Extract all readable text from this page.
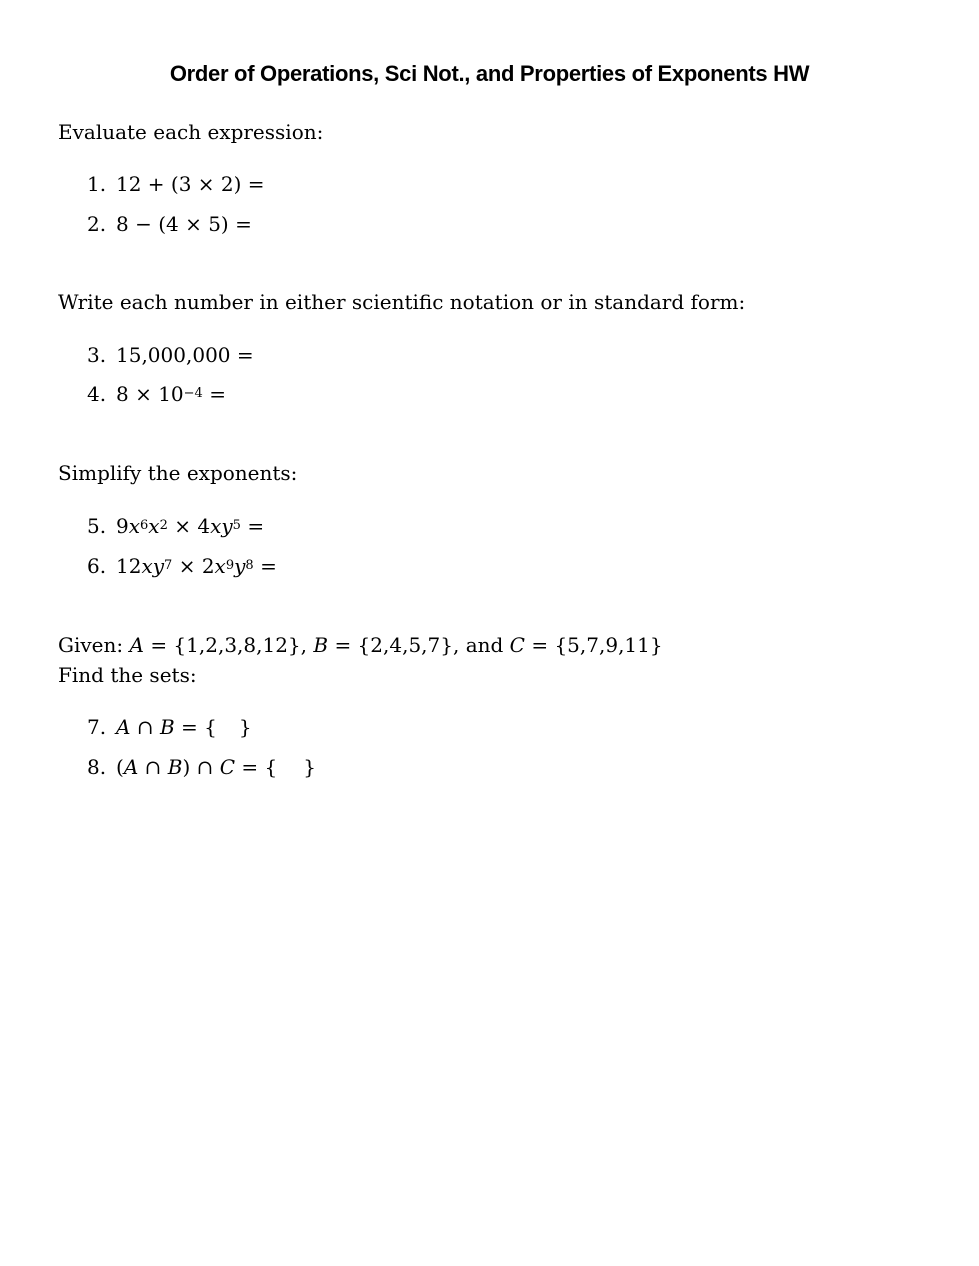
Order of Operations, Sci Not., and Properties of Exponents HW
Evaluate each expression:
1. 12 + (3 × 2) =
2. 8 − (4 × 5) =
Write each number in either scientific notation or in standard form:
3. 15,000,000 =
4. $8 \times 10^{-4}$ =
Simplify the exponents:
5. $9x^6x^2 \times 4xy^5$ =
6. $12xy^7 \times 2x^9y^8$ =
Given: A = {1,2,3,8,12}, B = {2,4,5,7}, and C = {5,7,9,11}
Find the sets:
7. A ∩ B = { }
8. (A ∩ B) ∩ C = { }
